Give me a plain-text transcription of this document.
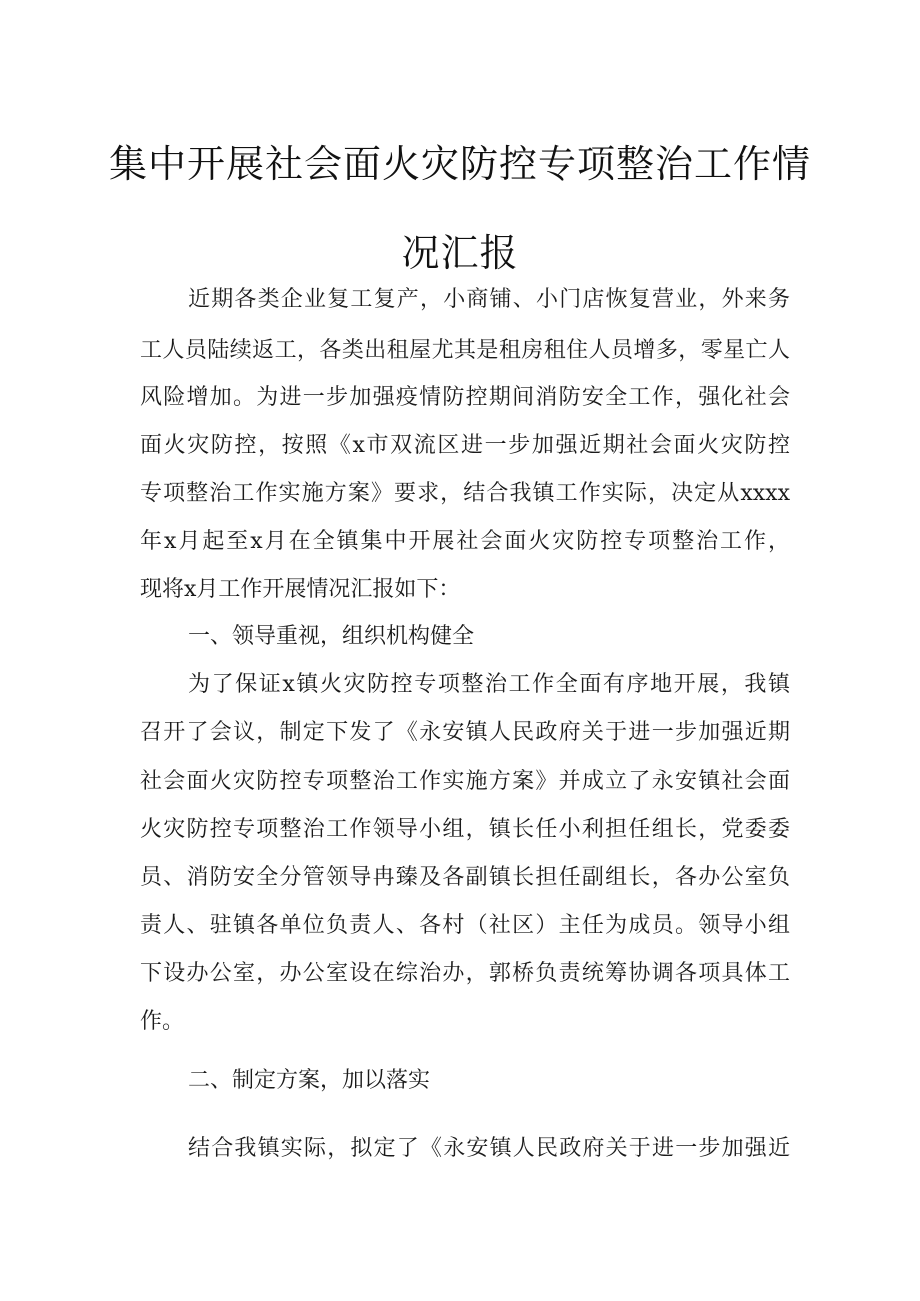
集中开展社会面火灾防控专项整治工作情
况汇报
近期各类企业复工复产，小商铺、小门店恢复营业，外来务
工人员陆续返工，各类出租屋尤其是租房租住人员增多，零星亡人
风险增加。为进一步加强疫情防控期间消防安全工作，强化社会
面火灾防控，按照《x市双流区进一步加强近期社会面火灾防控
专项整治工作实施方案》要求，结合我镇工作实际，决定从xxxx
年x月起至x月在全镇集中开展社会面火灾防控专项整治工作，
现将x月工作开展情况汇报如下：
一、领导重视，组织机构健全
为了保证x镇火灾防控专项整治工作全面有序地开展，我镇
召开了会议，制定下发了《永安镇人民政府关于进一步加强近期
社会面火灾防控专项整治工作实施方案》并成立了永安镇社会面
火灾防控专项整治工作领导小组，镇长任小利担任组长，党委委
员、消防安全分管领导冉臻及各副镇长担任副组长，各办公室负
责人、驻镇各单位负责人、各村（社区）主任为成员。领导小组
下设办公室，办公室设在综治办，郭桥负责统筹协调各项具体工
作。
二、制定方案，加以落实
结合我镇实际，拟定了《永安镇人民政府关于进一步加强近
